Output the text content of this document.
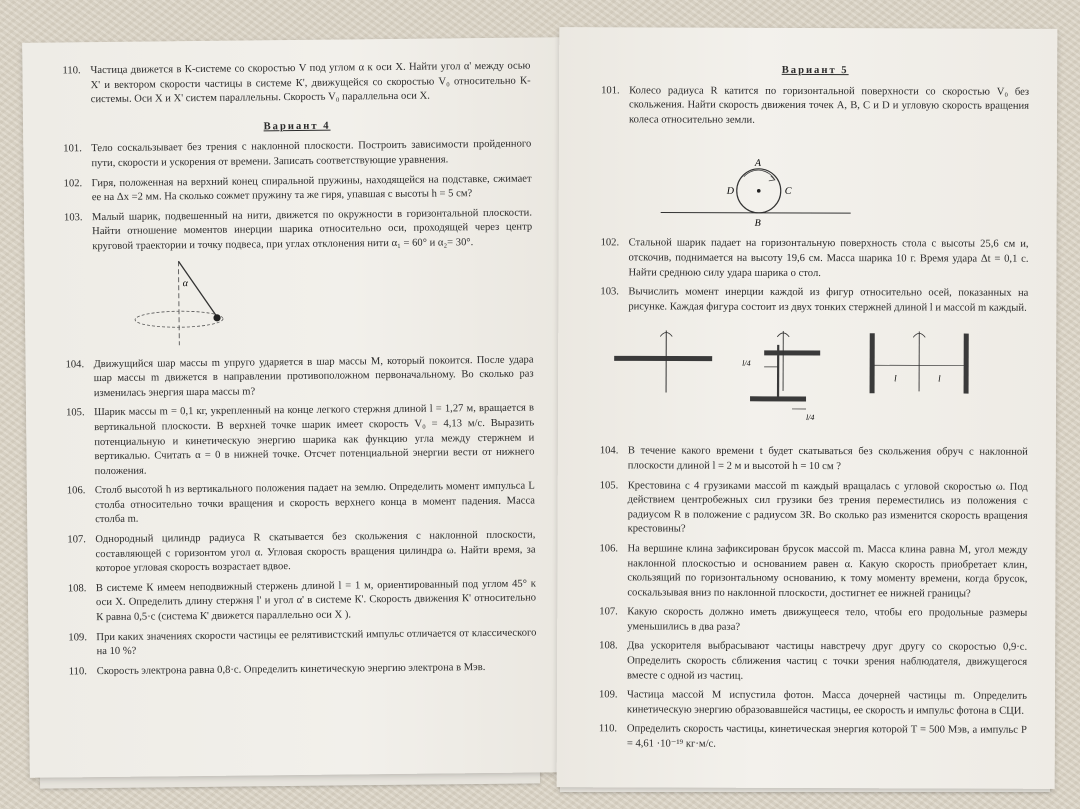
110. Частица движется в К-системе со скоростью V под углом α к оси X. Найти угол α' между осью X' и вектором скорости частицы в системе К', движущейся со скоростью V₀ относительно К-системы. Оси X и X' систем параллельны. Скорость V₀ параллельна оси X.
Вариант 4
101. Тело соскальзывает без трения с наклонной плоскости. Построить зависимости пройденного пути, скорости и ускорения от времени. Записать соответствующие уравнения.
102. Гиря, положенная на верхний конец спиральной пружины, находящейся на подставке, сжимает ее на Δx =2 мм. На сколько сожмет пружину та же гиря, упавшая с высоты h = 5 см?
103. Малый шарик, подвешенный на нити, движется по окружности в горизонтальной плоскости. Найти отношение моментов инерции шарика относительно оси, проходящей через центр круговой траектории и точку подвеса, при углах отклонения нити α₁ = 60° и α₂= 30°.
α
104. Движущийся шар массы m упруго ударяется в шар массы M, который покоится. После удара шар массы m движется в направлении противоположном первоначальному. Во сколько раз изменилась энергия шара массы m?
105. Шарик массы m = 0,1 кг, укрепленный на конце легкого стержня длиной l = 1,27 м, вращается в вертикальной плоскости. В верхней точке шарик имеет скорость V₀ = 4,13 м/с. Выразить потенциальную и кинетическую энергию шарика как функцию угла между стержнем и вертикалью. Считать α = 0 в нижней точке. Отсчет потенциальной энергии вести от нижнего положения.
106. Столб высотой h из вертикального положения падает на землю. Определить момент импульса L столба относительно точки вращения и скорость верхнего конца в момент падения. Масса столба m.
107. Однородный цилиндр радиуса R скатывается без скольжения с наклонной плоскости, составляющей с горизонтом угол α. Угловая скорость вращения цилиндра ω. Найти время, за которое угловая скорость возрастает вдвое.
108. В системе К имеем неподвижный стержень длиной l = 1 м, ориентированный под углом 45° к оси X. Определить длину стержня l' и угол α' в системе К'. Скорость движения К' относительно К равна 0,5·c (система К' движется параллельно оси X ).
109. При каких значениях скорости частицы ее релятивистский импульс отличается от классического на 10 %?
110. Скорость электрона равна 0,8·c. Определить кинетическую энергию электрона в Мэв.
Вариант 5
101. Колесо радиуса R катится по горизонтальной поверхности со скоростью V₀ без скольжения. Найти скорость движения точек A, B, C и D и угловую скорость вращения колеса относительно земли.
A
B
C
D
102. Стальной шарик падает на горизонтальную поверхность стола с высоты 25,6 см и, отскочив, поднимается на высоту 19,6 см. Масса шарика 10 г. Время удара Δt = 0,1 с. Найти среднюю силу удара шарика о стол.
103. Вычислить момент инерции каждой из фигур относительно осей, показанных на рисунке. Каждая фигура состоит из двух тонких стержней длиной l и массой m каждый.
l/4
l/4
l	l
104. В течение какого времени t будет скатываться без скольжения обруч с наклонной плоскости длиной l = 2 м и высотой h = 10 см ?
105. Крестовина с 4 грузиками массой m каждый вращалась с угловой скоростью ω. Под действием центробежных сил грузики без трения переместились из положения с радиусом R в положение с радиусом 3R. Во сколько раз изменится скорость вращения крестовины?
106. На вершине клина зафиксирован брусок массой m. Масса клина равна M, угол между наклонной плоскостью и основанием равен α. Какую скорость приобретает клин, скользящий по горизонтальному основанию, к тому моменту времени, когда брусок, соскальзывая вниз по наклонной плоскости, достигнет ее нижней границы?
107. Какую скорость должно иметь движущееся тело, чтобы его продольные размеры уменьшились в два раза?
108. Два ускорителя выбрасывают частицы навстречу друг другу со скоростью 0,9·c. Определить скорость сближения частиц с точки зрения наблюдателя, движущегося вместе с одной из частиц.
109. Частица массой M испустила фотон. Масса дочерней частицы m. Определить кинетическую энергию образовавшейся частицы, ее скорость и импульс фотона в СЦИ.
110. Определить скорость частицы, кинетическая энергия которой T = 500 Мэв, а импульс P = 4,61 ·10⁻¹⁹ кг·м/с.
